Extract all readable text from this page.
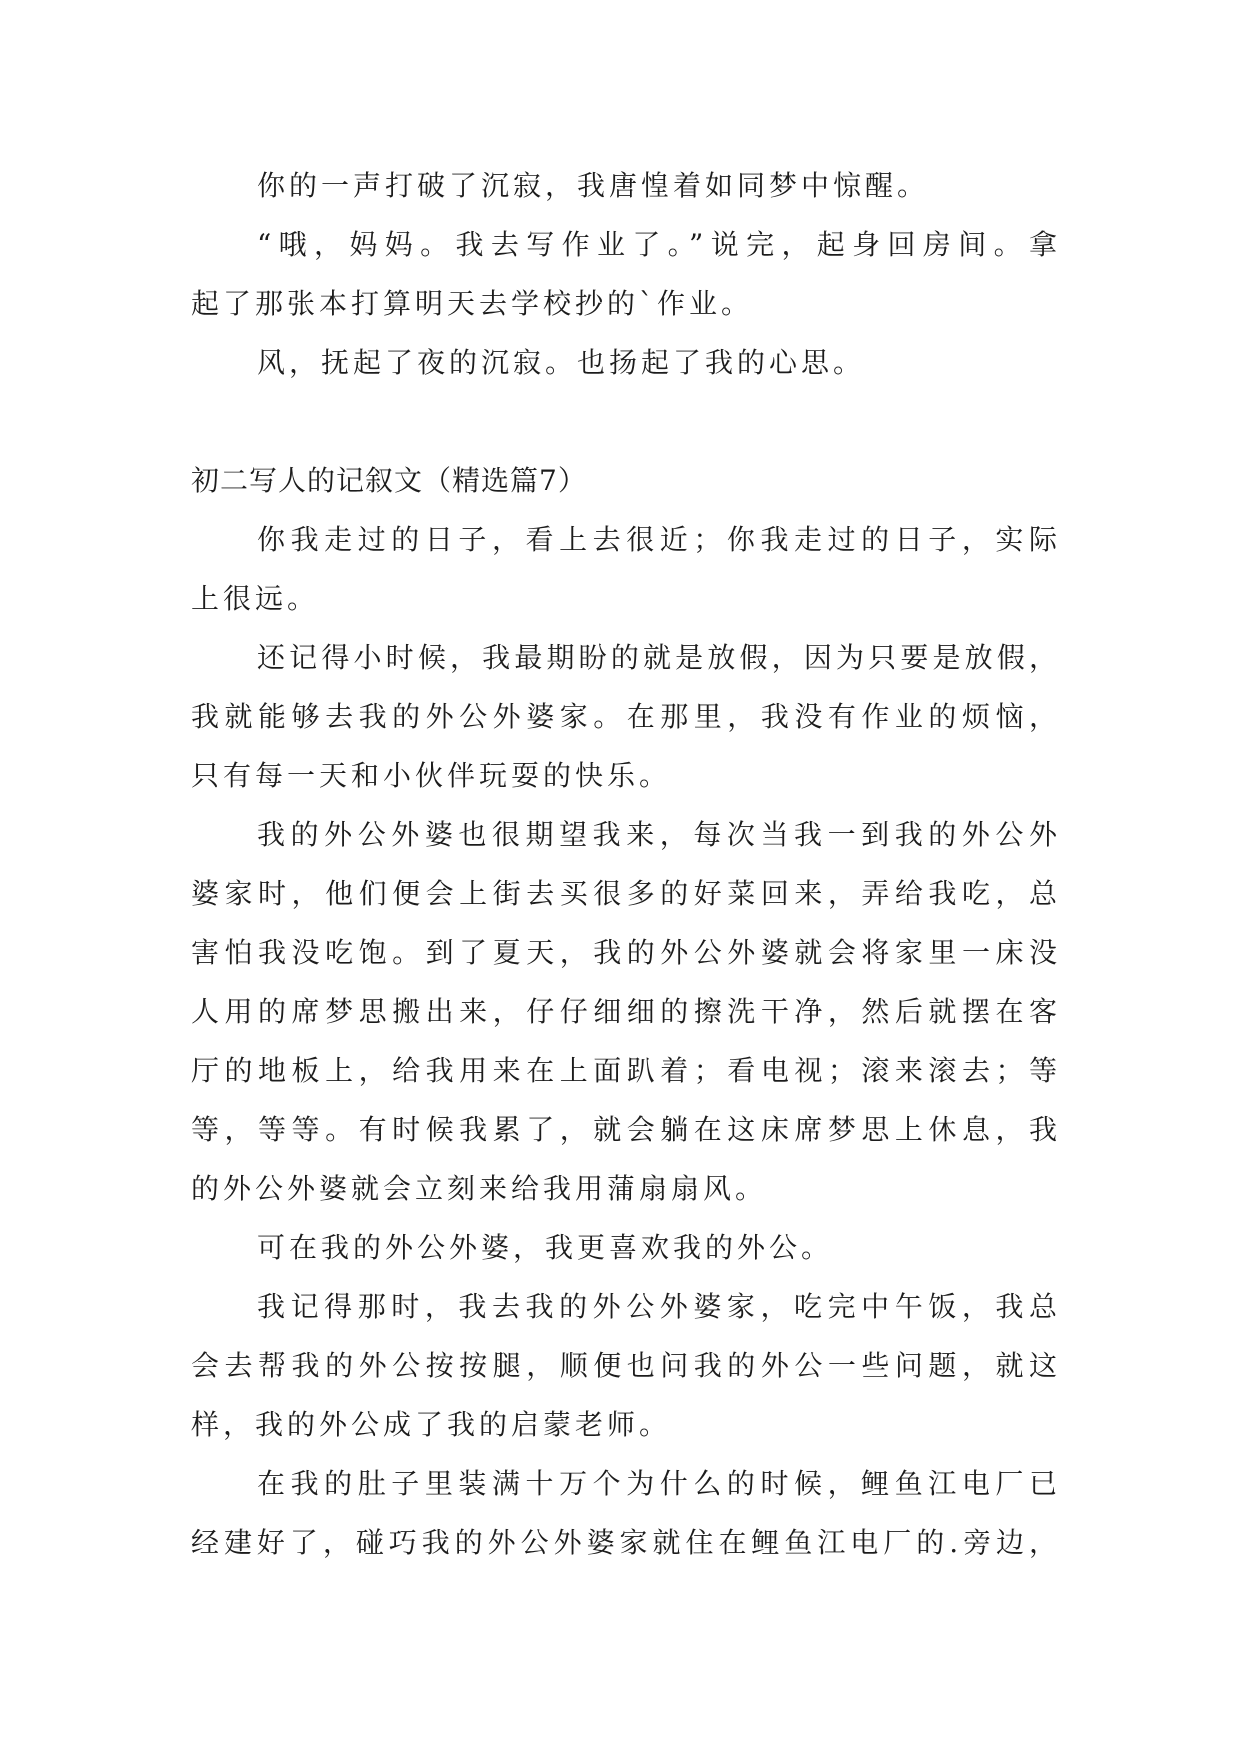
你的一声打破了沉寂，我唐惶着如同梦中惊醒。
“哦，妈妈。我去写作业了。”说完，起身回房间。拿
起了那张本打算明天去学校抄的`作业。
风，抚起了夜的沉寂。也扬起了我的心思。
初二写人的记叙文（精选篇7）
你我走过的日子，看上去很近；你我走过的日子，实际
上很远。
还记得小时候，我最期盼的就是放假，因为只要是放假，
我就能够去我的外公外婆家。在那里，我没有作业的烦恼，
只有每一天和小伙伴玩耍的快乐。
我的外公外婆也很期望我来，每次当我一到我的外公外
婆家时，他们便会上街去买很多的好菜回来，弄给我吃，总
害怕我没吃饱。到了夏天，我的外公外婆就会将家里一床没
人用的席梦思搬出来，仔仔细细的擦洗干净，然后就摆在客
厅的地板上，给我用来在上面趴着；看电视；滚来滚去；等
等，等等。有时候我累了，就会躺在这床席梦思上休息，我
的外公外婆就会立刻来给我用蒲扇扇风。
可在我的外公外婆，我更喜欢我的外公。
我记得那时，我去我的外公外婆家，吃完中午饭，我总
会去帮我的外公按按腿，顺便也问我的外公一些问题，就这
样，我的外公成了我的启蒙老师。
在我的肚子里装满十万个为什么的时候，鲤鱼江电厂已
经建好了，碰巧我的外公外婆家就住在鲤鱼江电厂的.旁边，
